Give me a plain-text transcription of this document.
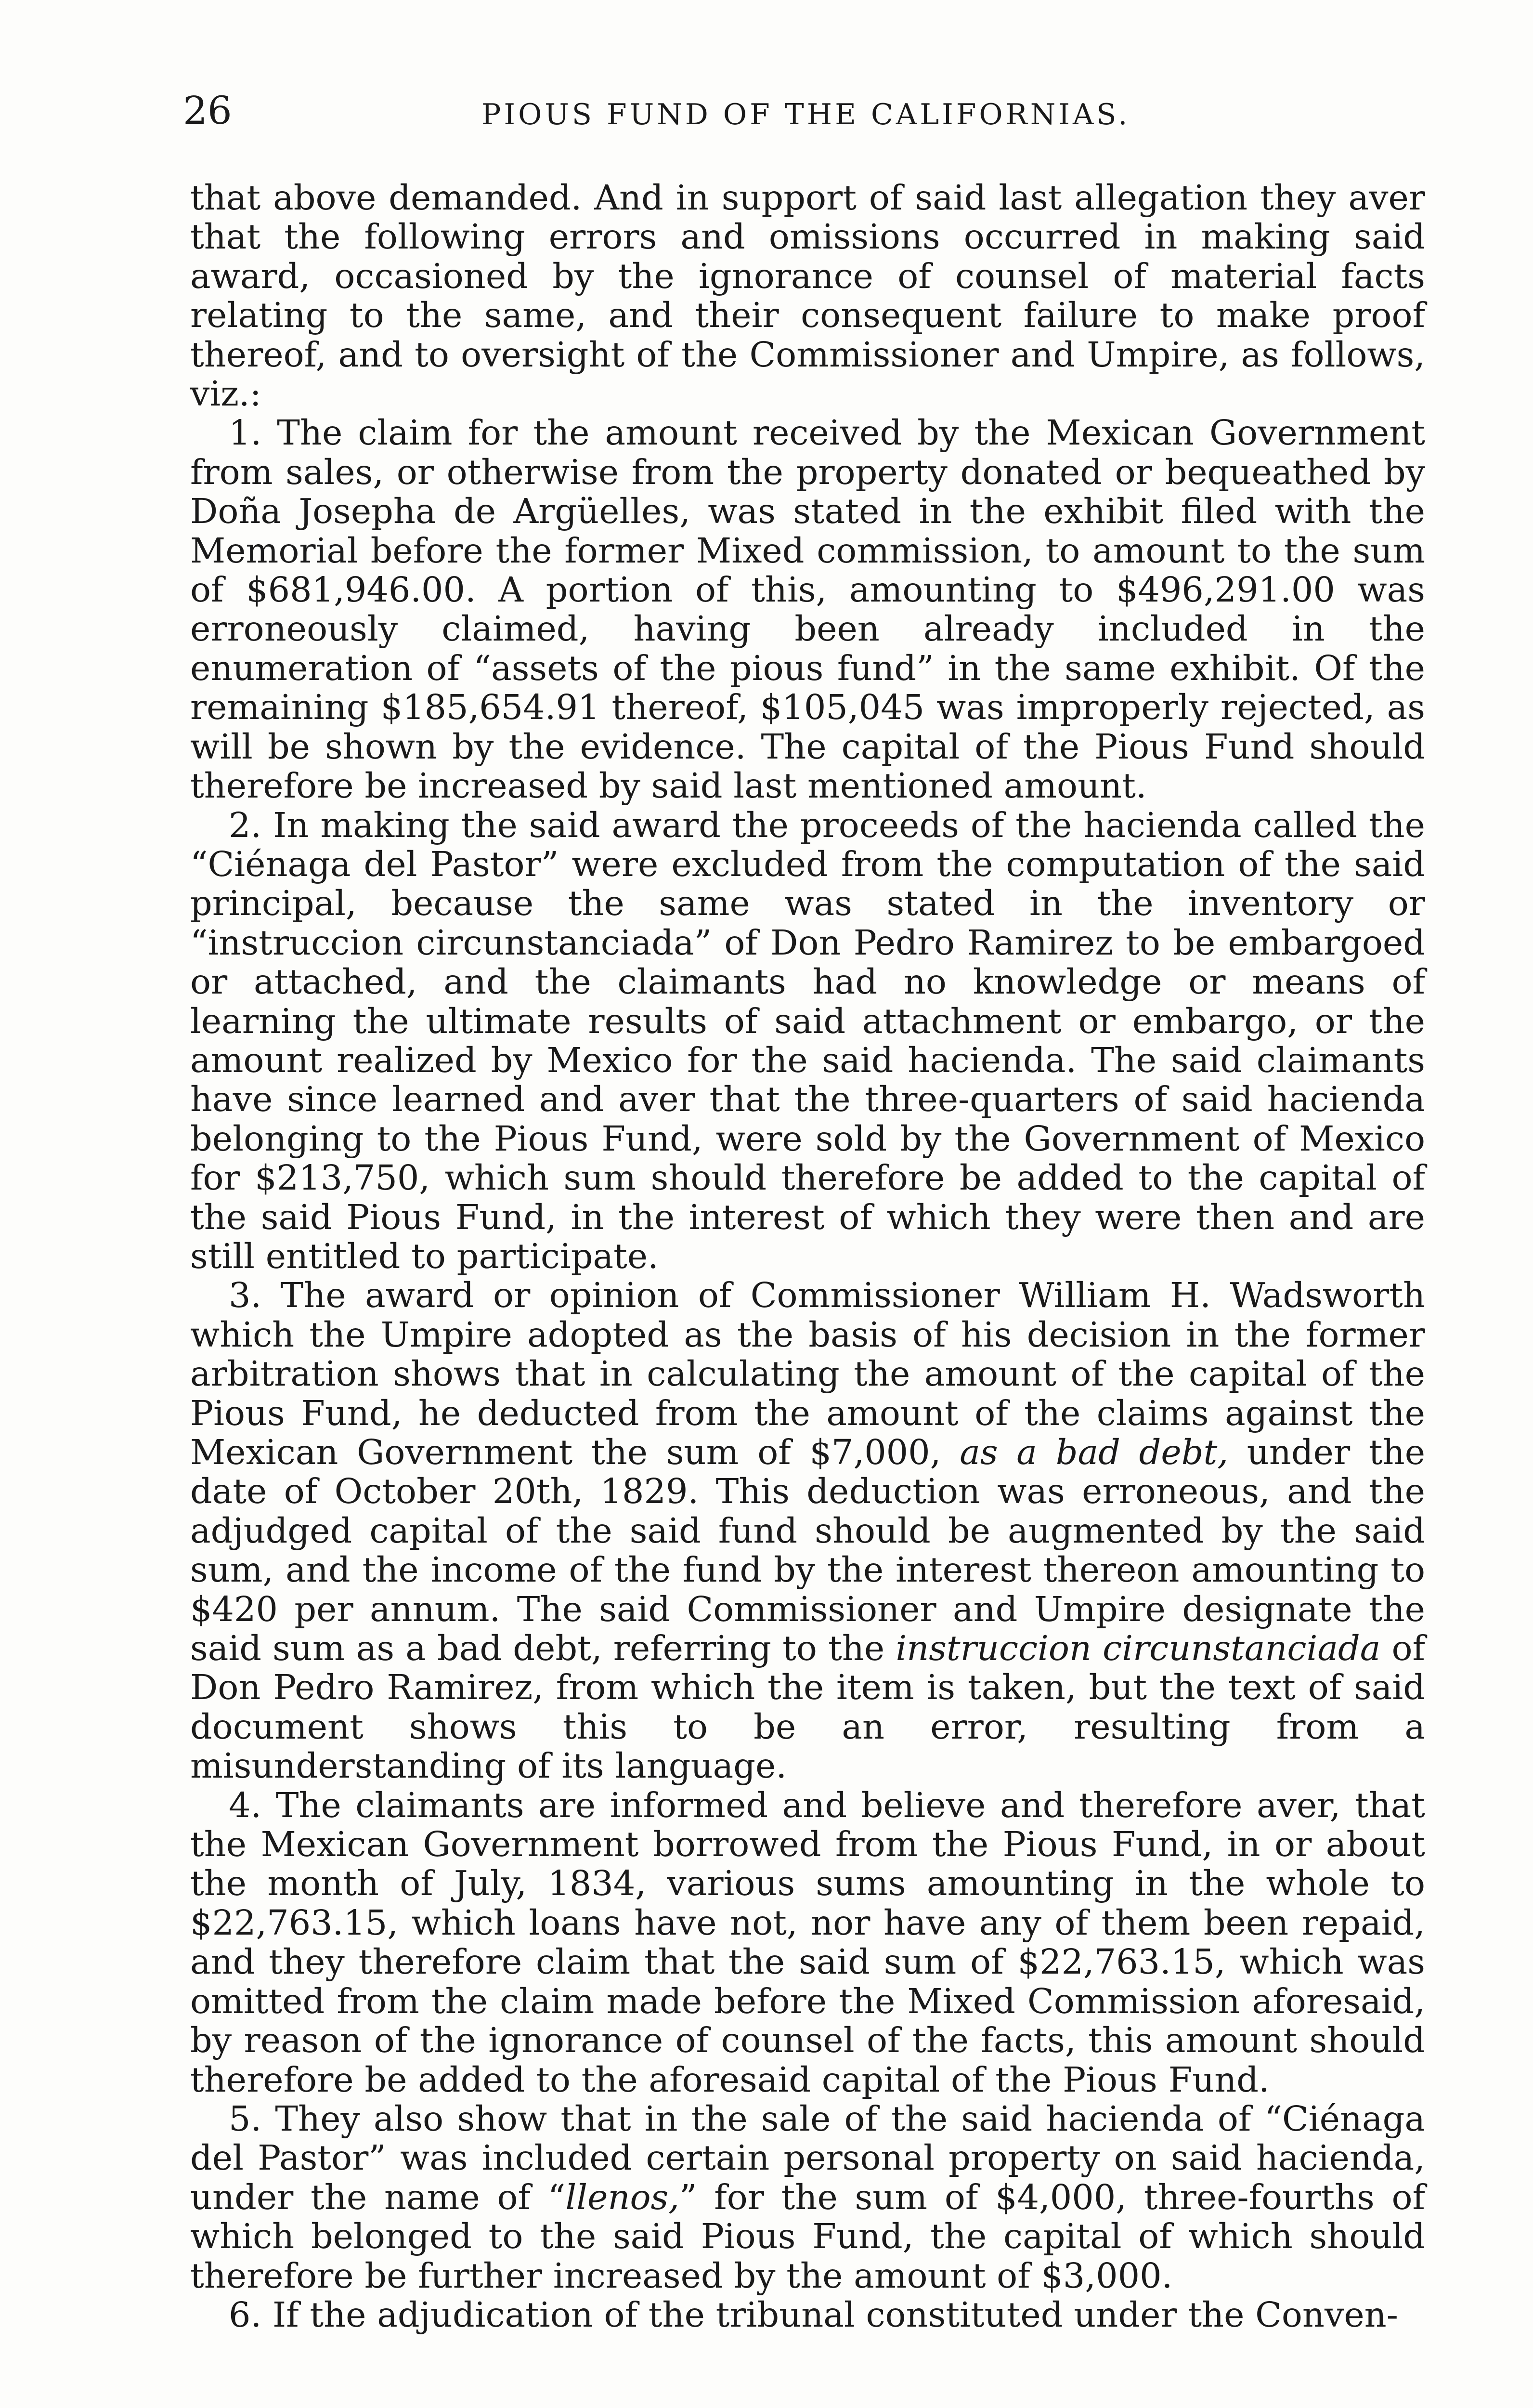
26	PIOUS FUND OF THE CALIFORNIAS.

that above demanded. And in support of said last allegation they aver that the following errors and omissions occurred in making said award, occasioned by the ignorance of counsel of material facts relating to the same, and their consequent failure to make proof thereof, and to oversight of the Commissioner and Umpire, as follows, viz.:

1. The claim for the amount received by the Mexican Government from sales, or otherwise from the property donated or bequeathed by Doña Josepha de Argüelles, was stated in the exhibit filed with the Memorial before the former Mixed commission, to amount to the sum of $681,946.00. A portion of this, amounting to $496,291.00 was erroneously claimed, having been already included in the enumeration of “assets of the pious fund” in the same exhibit. Of the remaining $185,654.91 thereof, $105,045 was improperly rejected, as will be shown by the evidence. The capital of the Pious Fund should therefore be increased by said last mentioned amount.

2. In making the said award the proceeds of the hacienda called the “Ciénaga del Pastor” were excluded from the computation of the said principal, because the same was stated in the inventory or “instruccion circunstanciada” of Don Pedro Ramirez to be embargoed or attached, and the claimants had no knowledge or means of learning the ultimate results of said attachment or embargo, or the amount realized by Mexico for the said hacienda. The said claimants have since learned and aver that the three-quarters of said hacienda belonging to the Pious Fund, were sold by the Government of Mexico for $213,750, which sum should therefore be added to the capital of the said Pious Fund, in the interest of which they were then and are still entitled to participate.

3. The award or opinion of Commissioner William H. Wadsworth which the Umpire adopted as the basis of his decision in the former arbitration shows that in calculating the amount of the capital of the Pious Fund, he deducted from the amount of the claims against the Mexican Government the sum of $7,000, as a bad debt, under the date of October 20th, 1829. This deduction was erroneous, and the adjudged capital of the said fund should be augmented by the said sum, and the income of the fund by the interest thereon amounting to $420 per annum. The said Commissioner and Umpire designate the said sum as a bad debt, referring to the instruccion circunstanciada of Don Pedro Ramirez, from which the item is taken, but the text of said document shows this to be an error, resulting from a misunderstanding of its language.

4. The claimants are informed and believe and therefore aver, that the Mexican Government borrowed from the Pious Fund, in or about the month of July, 1834, various sums amounting in the whole to $22,763.15, which loans have not, nor have any of them been repaid, and they therefore claim that the said sum of $22,763.15, which was omitted from the claim made before the Mixed Commission aforesaid, by reason of the ignorance of counsel of the facts, this amount should therefore be added to the aforesaid capital of the Pious Fund.

5. They also show that in the sale of the said hacienda of “Ciénaga del Pastor” was included certain personal property on said hacienda, under the name of “llenos,” for the sum of $4,000, three-fourths of which belonged to the said Pious Fund, the capital of which should therefore be further increased by the amount of $3,000.

6. If the adjudication of the tribunal constituted under the Conven-
